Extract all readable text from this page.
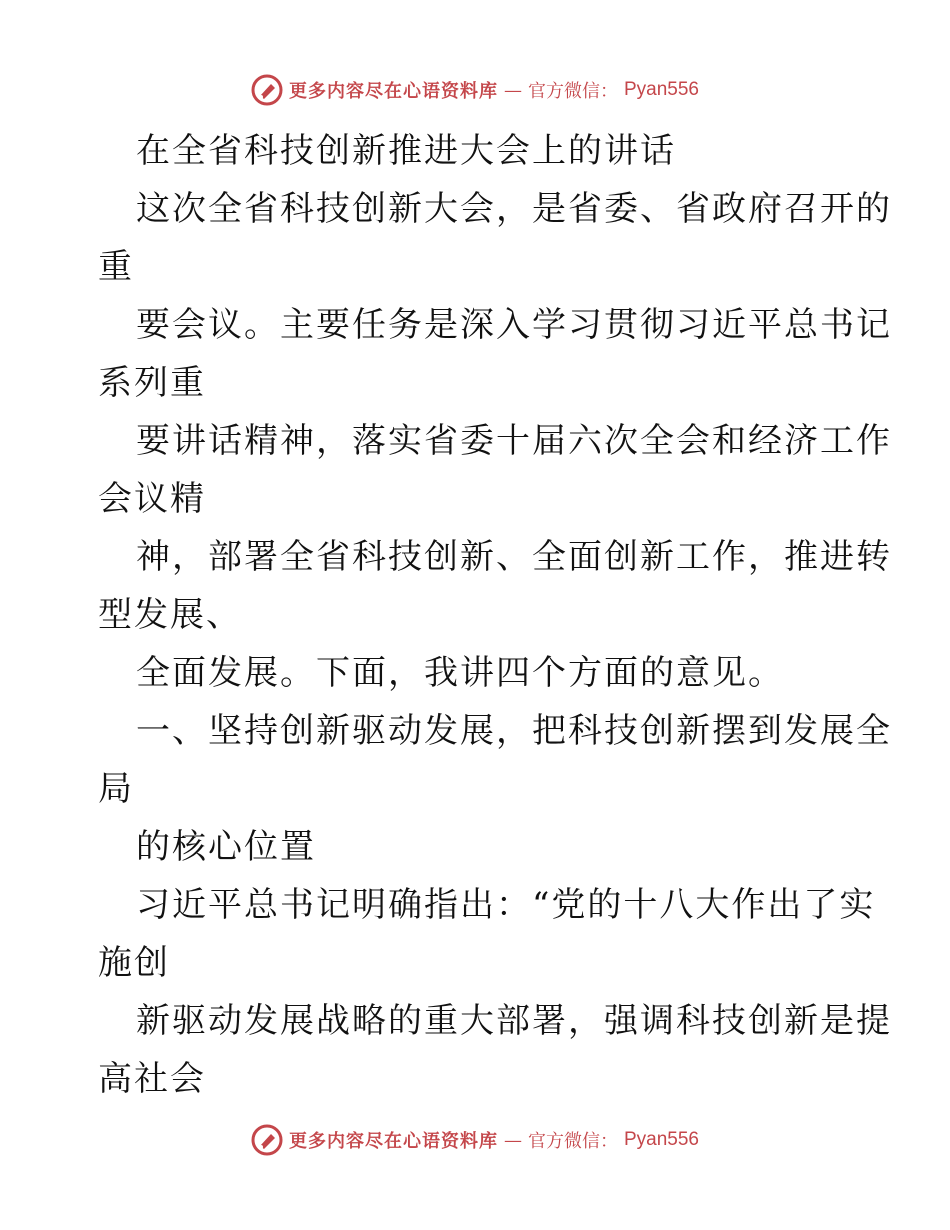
更多内容尽在心语资料库 — 官方微信： Pyan556
在全省科技创新推进大会上的讲话
这次全省科技创新大会，是省委、省政府召开的
重
要会议。主要任务是深入学习贯彻习近平总书记
系列重
要讲话精神，落实省委十届六次全会和经济工作
会议精
神，部署全省科技创新、全面创新工作，推进转
型发展、
全面发展。下面，我讲四个方面的意见。
一、坚持创新驱动发展，把科技创新摆到发展全
局
的核心位置
习近平总书记明确指出：“党的十八大作出了实
施创
新驱动发展战略的重大部署，强调科技创新是提
高社会
更多内容尽在心语资料库 — 官方微信： Pyan556
